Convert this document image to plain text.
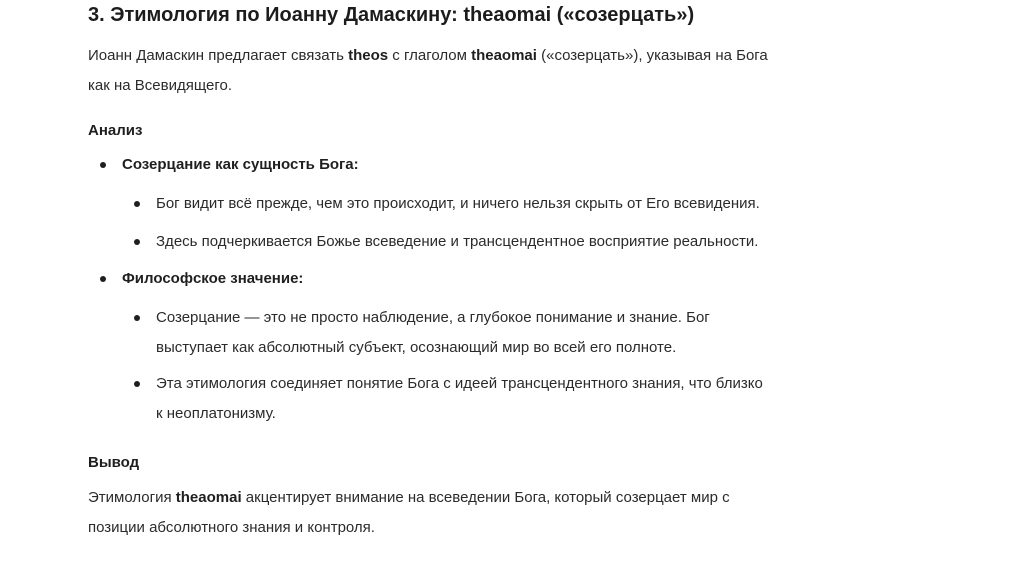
3. Этимология по Иоанну Дамаскину: theaomai («созерцать»)

Иоанн Дамаскин предлагает связать theos с глаголом theaomai («созерцать»), указывая на Бога
как на Всевидящего.

Анализ

Созерцание как сущность Бога:
Бог видит всё прежде, чем это происходит, и ничего нельзя скрыть от Его всевидения.
Здесь подчеркивается Божье всеведение и трансцендентное восприятие реальности.
Философское значение:
Созерцание — это не просто наблюдение, а глубокое понимание и знание. Бог
выступает как абсолютный субъект, осознающий мир во всей его полноте.
Эта этимология соединяет понятие Бога с идеей трансцендентного знания, что близко
к неоплатонизму.

Вывод

Этимология theaomai акцентирует внимание на всеведении Бога, который созерцает мир с
позиции абсолютного знания и контроля.
